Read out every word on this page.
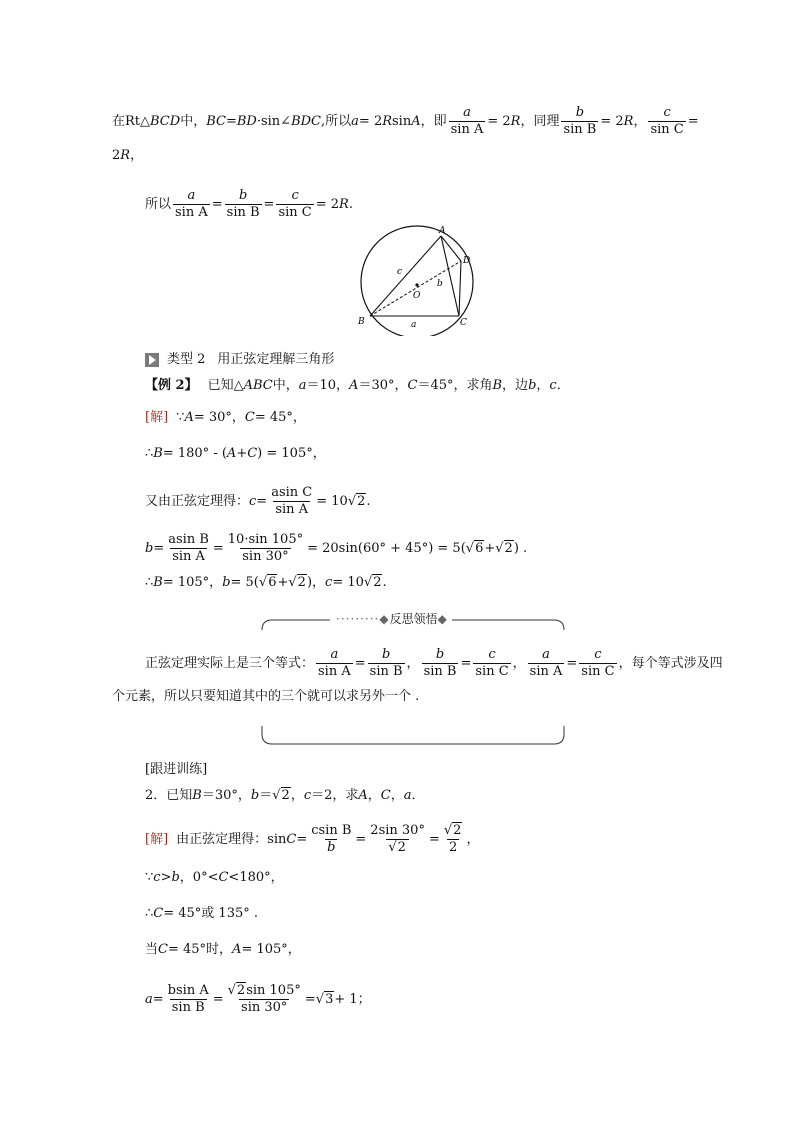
在Rt△ BCD 中， BC = BD ·sin∠ BDC ,所以 a = 2 R sin A ，即 $\frac{a}{\text{sin A}} = 2$ R ，同理 $\frac{b}{\text{sin B}} = 2$ R ， $\frac{c}{\text{sin C}}$ =
2 R ，
所以 $\frac{a}{\text{sin A}} = \frac{b}{\text{sin B}} = \frac{c}{\text{sin C}} = 2$ R .
A
B	C
D
O
a
b
c
类型 2 用正弦定理解三角形
【例 2】 已知△ ABC 中， a ＝10， A ＝30°， C ＝45°，求角 B ，边 b ， c ．
[解] ∵ A = 30°， C = 45°，
∴ B = 180° - ( A + C ) = 105°，
又由正弦定理得： $c = \frac{\text{asin C}}{\text{sin A}} = 10$ √2 .
$b = \frac{\text{asin B}}{\text{sin A}} = \frac{10\cdot\sin 105^\circ}{\sin 30^\circ} = 20\sin(60^\circ + 45^\circ) = 5$( √6 + √2 ) .
∴ B = 105°， b = 5( √6 + √2 )， c = 10 √2 .
·········◆反思领悟◆
正弦定理实际上是三个等式： $\frac{a}{\text{sin A}} = \frac{b}{\text{sin B}}$ ， $\frac{b}{\text{sin B}} = \frac{c}{\text{sin C}}$ ， $\frac{a}{\text{sin A}} = \frac{c}{\text{sin C}}$ ，每个等式涉及四
个元素，所以只要知道其中的三个就可以求另外一个 .
[跟进训练]
2．已知 B ＝30°， b ＝ √2 ， c ＝2，求 A ， C ， a ．
[解] 由正弦定理得：$\sin C = \frac{\text{csin B}}{b} = \frac{2\sin 30^\circ}{√2} = \frac{√2}{2}$ ，
∵ c > b ，0°< C <180°，
∴ C = 45°或 135° .
当 C = 45°时， A = 105°，
$a = \frac{\text{bsin A}}{\text{sin B}} = \frac{√2\sin 105^\circ}{\sin 30^\circ} = √3 + 1$；
